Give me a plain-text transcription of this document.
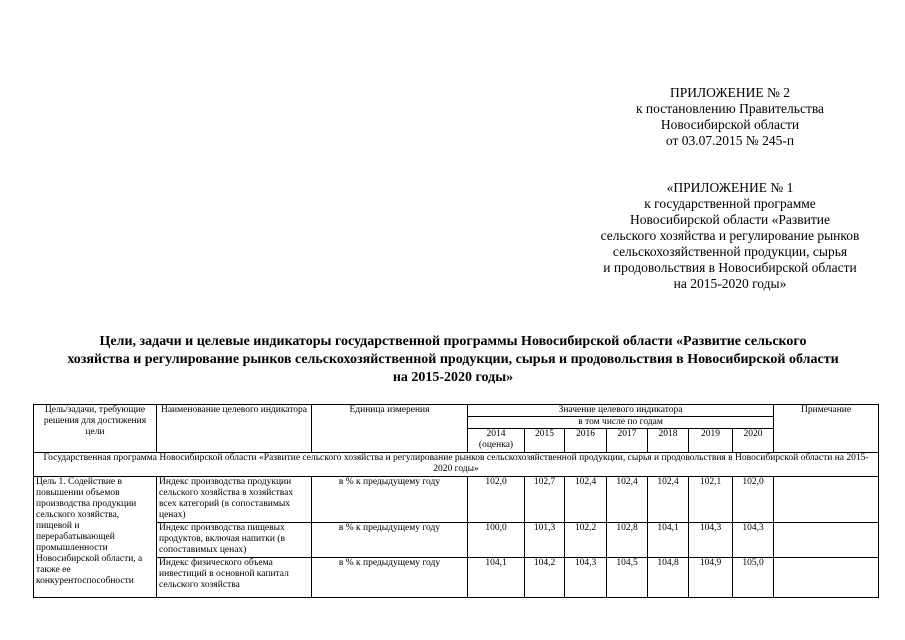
ПРИЛОЖЕНИЕ № 2
к постановлению Правительства
Новосибирской области
от 03.07.2015 № 245-п
«ПРИЛОЖЕНИЕ № 1
к государственной программе
Новосибирской области «Развитие
сельского хозяйства и регулирование рынков
сельскохозяйственной продукции, сырья
и продовольствия в Новосибирской области
на 2015-2020 годы»
Цели, задачи и целевые индикаторы государственной программы Новосибирской области «Развитие сельского
хозяйства и регулирование рынков сельскохозяйственной продукции, сырья и продовольствия в Новосибирской области
на 2015-2020 годы»
Цель/задачи, требующие решения для достижения цели	Наименование целевого индикатора	Единица измерения	Значение целевого индикатора							Примечание
			в том числе по годам							
			2014 (оценка)	2015	2016	2017	2018	2019	2020	
Государственная программа Новосибирской области «Развитие сельского хозяйства и регулирование рынков сельскохозяйственной продукции, сырья и продовольствия в Новосибирской области на 2015-2020 годы»										
Цель 1. Содействие в повышении объемов производства продукции сельского хозяйства, пищевой и перерабатывающей промышленности Новосибирской области, а также ее конкурентоспособности	Индекс производства продукции сельского хозяйства в хозяйствах всех категорий (в сопоставимых ценах)	в % к предыдущему году	102,0	102,7	102,4	102,4	102,4	102,1	102,0	
	Индекс производства пищевых продуктов, включая напитки (в сопоставимых ценах)	в % к предыдущему году	100,0	101,3	102,2	102,8	104,1	104,3	104,3	
	Индекс физического объема инвестиций в основной капитал сельского хозяйства	в % к предыдущему году	104,1	104,2	104,3	104,5	104,8	104,9	105,0	
